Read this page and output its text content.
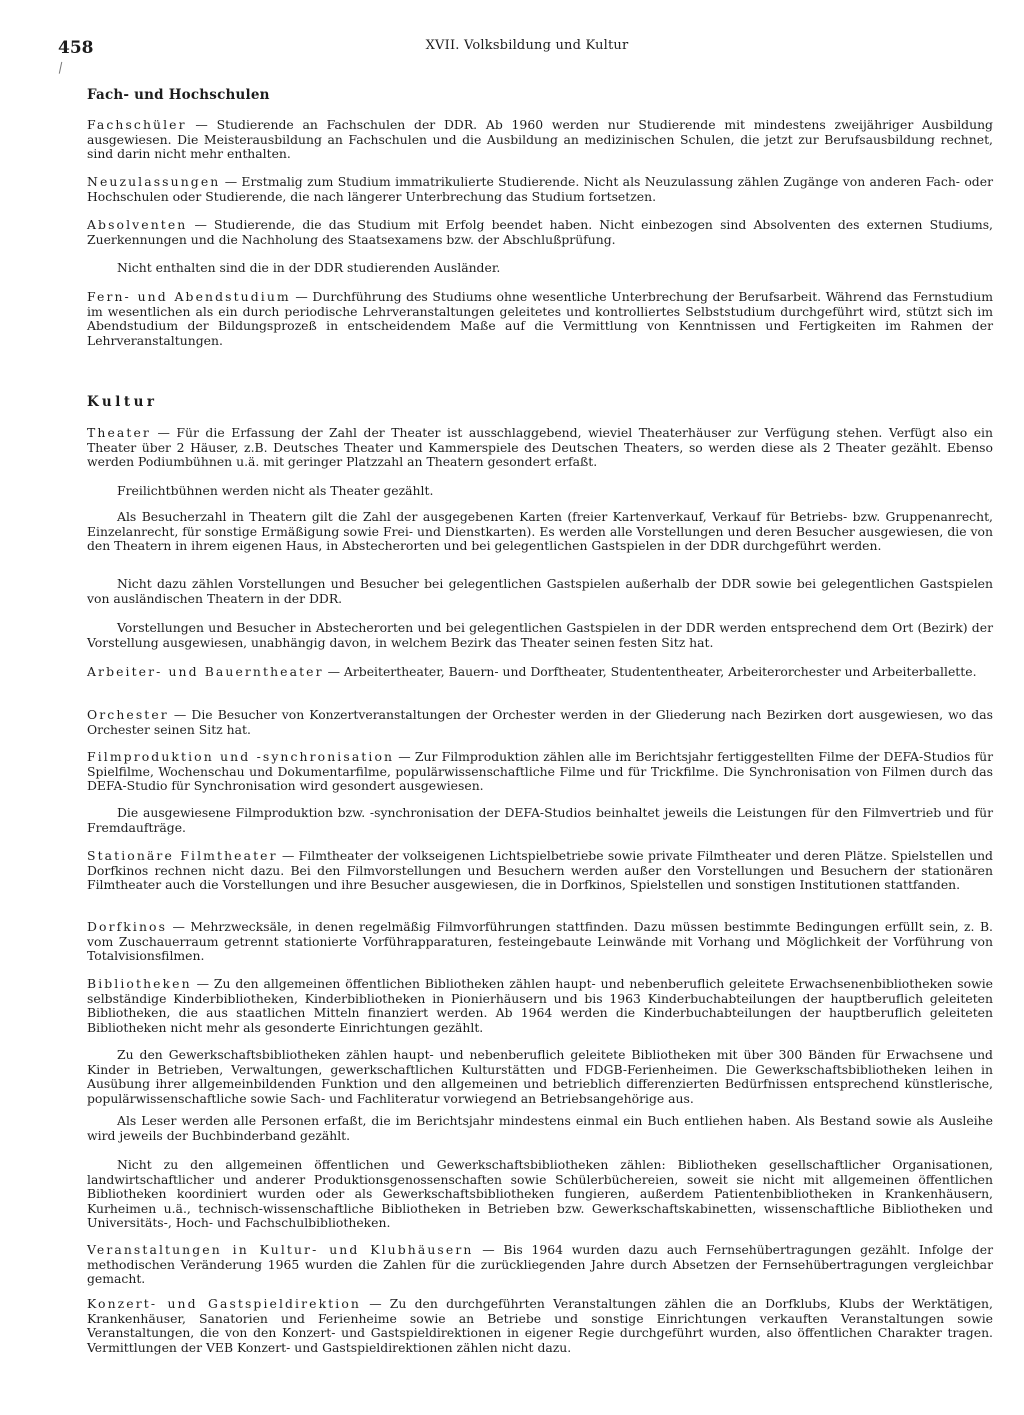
458	XVII. Volksbildung und Kultur
Fach- und Hochschulen

Fachschüler — Studierende an Fachschulen der DDR. Ab 1960 werden nur Studierende mit mindestens zweijähriger Ausbildung ausgewiesen. Die Meisterausbildung an Fachschulen und die Ausbildung an medizinischen Schulen, die jetzt zur Berufsausbildung rechnet, sind darin nicht mehr enthalten.

Neuzulassungen — Erstmalig zum Studium immatrikulierte Studierende. Nicht als Neuzulassung zählen Zugänge von anderen Fach- oder Hochschulen oder Studierende, die nach längerer Unterbrechung das Studium fortsetzen.

Absolventen — Studierende, die das Studium mit Erfolg beendet haben. Nicht einbezogen sind Absolventen des externen Studiums, Zuerkennungen und die Nachholung des Staatsexamens bzw. der Abschlußprüfung.

Nicht enthalten sind die in der DDR studierenden Ausländer.

Fern- und Abendstudium — Durchführung des Studiums ohne wesentliche Unterbrechung der Berufsarbeit. Während das Fernstudium im wesentlichen als ein durch periodische Lehrveranstaltungen geleitetes und kontrolliertes Selbststudium durchgeführt wird, stützt sich im Abendstudium der Bildungsprozeß in entscheidendem Maße auf die Vermittlung von Kenntnissen und Fertigkeiten im Rahmen der Lehrveranstaltungen.

Kultur

Theater — Für die Erfassung der Zahl der Theater ist ausschlaggebend, wieviel Theaterhäuser zur Verfügung stehen. Verfügt also ein Theater über 2 Häuser, z.B. Deutsches Theater und Kammerspiele des Deutschen Theaters, so werden diese als 2 Theater gezählt. Ebenso werden Podiumbühnen u.ä. mit geringer Platzzahl an Theatern gesondert erfaßt.

Freilichtbühnen werden nicht als Theater gezählt.

Als Besucherzahl in Theatern gilt die Zahl der ausgegebenen Karten (freier Kartenverkauf, Verkauf für Betriebs- bzw. Gruppenanrecht, Einzelanrecht, für sonstige Ermäßigung sowie Frei- und Dienstkarten). Es werden alle Vorstellungen und deren Besucher ausgewiesen, die von den Theatern in ihrem eigenen Haus, in Abstecherorten und bei gelegentlichen Gastspielen in der DDR durchgeführt werden.

Nicht dazu zählen Vorstellungen und Besucher bei gelegentlichen Gastspielen außerhalb der DDR sowie bei gelegentlichen Gastspielen von ausländischen Theatern in der DDR.

Vorstellungen und Besucher in Abstecherorten und bei gelegentlichen Gastspielen in der DDR werden entsprechend dem Ort (Bezirk) der Vorstellung ausgewiesen, unabhängig davon, in welchem Bezirk das Theater seinen festen Sitz hat.

Arbeiter- und Bauerntheater — Arbeitertheater, Bauern- und Dorftheater, Studententheater, Arbeiterorchester und Arbeiterballette.

Orchester — Die Besucher von Konzertveranstaltungen der Orchester werden in der Gliederung nach Bezirken dort ausgewiesen, wo das Orchester seinen Sitz hat.

Filmproduktion und -synchronisation — Zur Filmproduktion zählen alle im Berichtsjahr fertiggestellten Filme der DEFA-Studios für Spielfilme, Wochenschau und Dokumentarfilme, populärwissenschaftliche Filme und für Trickfilme. Die Synchronisation von Filmen durch das DEFA-Studio für Synchronisation wird gesondert ausgewiesen.

Die ausgewiesene Filmproduktion bzw. -synchronisation der DEFA-Studios beinhaltet jeweils die Leistungen für den Filmvertrieb und für Fremdaufträge.

Stationäre Filmtheater — Filmtheater der volkseigenen Lichtspielbetriebe sowie private Filmtheater und deren Plätze. Spielstellen und Dorfkinos rechnen nicht dazu. Bei den Filmvorstellungen und Besuchern werden außer den Vorstellungen und Besuchern der stationären Filmtheater auch die Vorstellungen und ihre Besucher ausgewiesen, die in Dorfkinos, Spielstellen und sonstigen Institutionen stattfanden.

Dorfkinos — Mehrzwecksäle, in denen regelmäßig Filmvorführungen stattfinden. Dazu müssen bestimmte Bedingungen erfüllt sein, z. B. vom Zuschauerraum getrennt stationierte Vorführapparaturen, festeingebaute Leinwände mit Vorhang und Möglichkeit der Vorführung von Totalvisionsfilmen.

Bibliotheken — Zu den allgemeinen öffentlichen Bibliotheken zählen haupt- und nebenberuflich geleitete Erwachsenenbibliotheken sowie selbständige Kinderbibliotheken, Kinderbibliotheken in Pionierhäusern und bis 1963 Kinderbuchabteilungen der hauptberuflich geleiteten Bibliotheken, die aus staatlichen Mitteln finanziert werden. Ab 1964 werden die Kinderbuchabteilungen der hauptberuflich geleiteten Bibliotheken nicht mehr als gesonderte Einrichtungen gezählt.

Zu den Gewerkschaftsbibliotheken zählen haupt- und nebenberuflich geleitete Bibliotheken mit über 300 Bänden für Erwachsene und Kinder in Betrieben, Verwaltungen, gewerkschaftlichen Kulturstätten und FDGB-Ferienheimen. Die Gewerkschaftsbibliotheken leihen in Ausübung ihrer allgemeinbildenden Funktion und den allgemeinen und betrieblich differenzierten Bedürfnissen entsprechend künstlerische, populärwissenschaftliche sowie Sach- und Fachliteratur vorwiegend an Betriebsangehörige aus.

Als Leser werden alle Personen erfaßt, die im Berichtsjahr mindestens einmal ein Buch entliehen haben. Als Bestand sowie als Ausleihe wird jeweils der Buchbinderband gezählt.

Nicht zu den allgemeinen öffentlichen und Gewerkschaftsbibliotheken zählen: Bibliotheken gesellschaftlicher Organisationen, landwirtschaftlicher und anderer Produktionsgenossenschaften sowie Schülerbüchereien, soweit sie nicht mit allgemeinen öffentlichen Bibliotheken koordiniert wurden oder als Gewerkschaftsbibliotheken fungieren, außerdem Patientenbibliotheken in Krankenhäusern, Kurheimen u.ä., technisch-wissenschaftliche Bibliotheken in Betrieben bzw. Gewerkschaftskabinetten, wissenschaftliche Bibliotheken und Universitäts-, Hoch- und Fachschulbibliotheken.

Veranstaltungen in Kultur- und Klubhäusern — Bis 1964 wurden dazu auch Fernsehübertragungen gezählt. Infolge der methodischen Veränderung 1965 wurden die Zahlen für die zurückliegenden Jahre durch Absetzen der Fernsehübertragungen vergleichbar gemacht.

Konzert- und Gastspieldirektion — Zu den durchgeführten Veranstaltungen zählen die an Dorfklubs, Klubs der Werktätigen, Krankenhäuser, Sanatorien und Ferienheime sowie an Betriebe und sonstige Einrichtungen verkauften Veranstaltungen sowie Veranstaltungen, die von den Konzert- und Gastspieldirektionen in eigener Regie durchgeführt wurden, also öffentlichen Charakter tragen. Vermittlungen der VEB Konzert- und Gastspieldirektionen zählen nicht dazu.
